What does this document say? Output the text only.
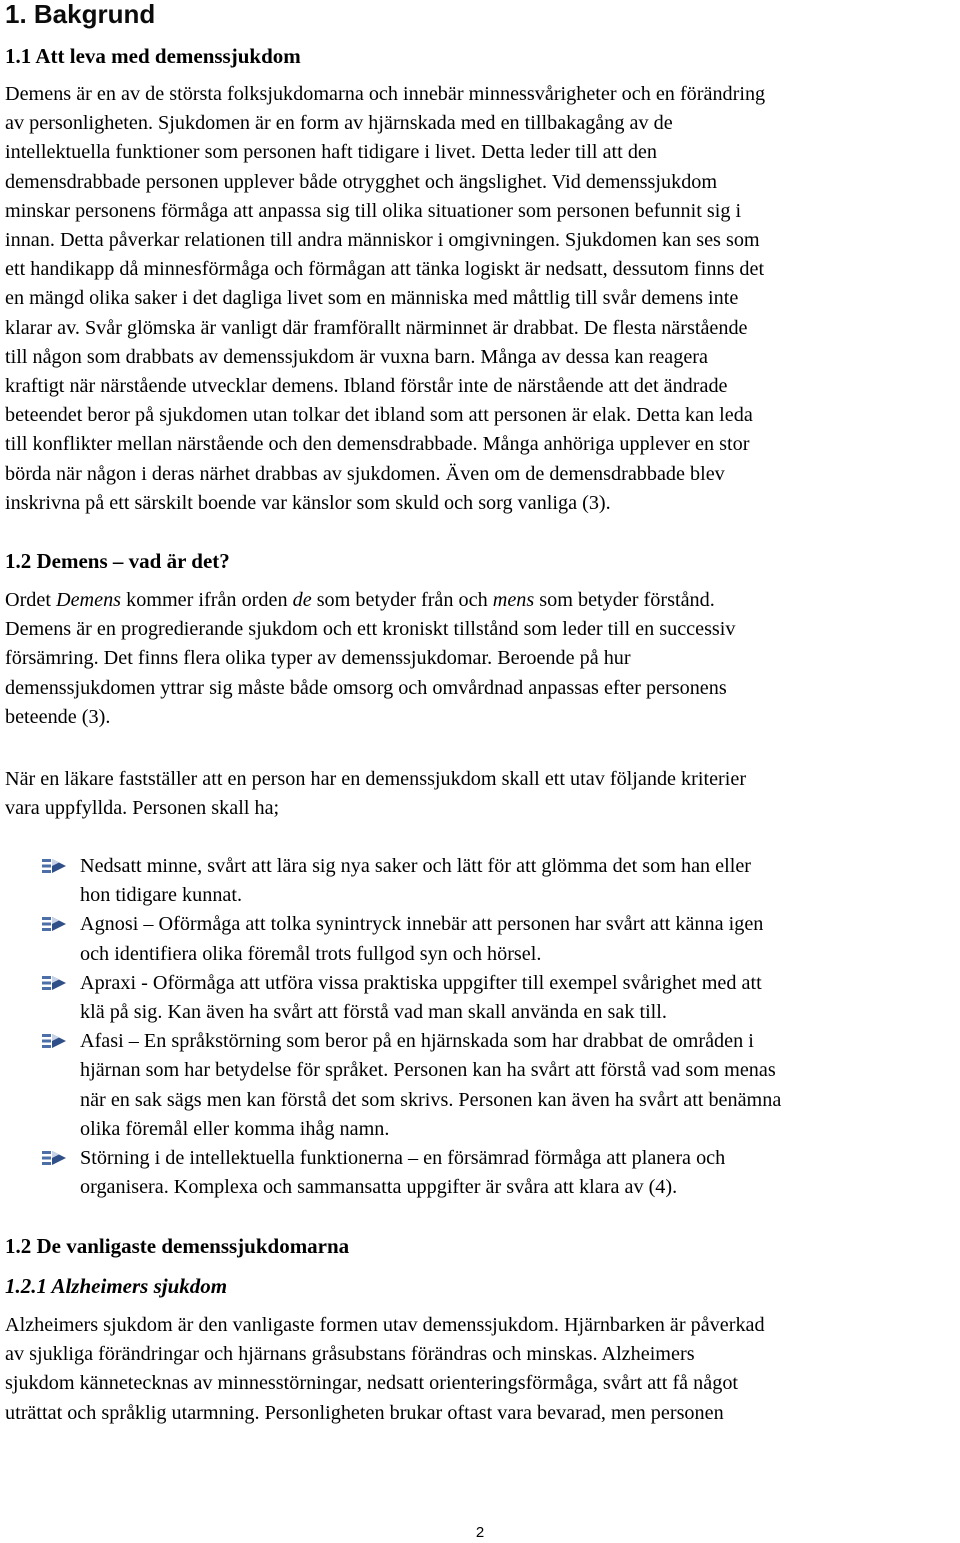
1. Bakgrund
1.1 Att leva med demenssjukdom

Demens är en av de största folksjukdomarna och innebär minnessvårigheter och en förändring
av personligheten. Sjukdomen är en form av hjärnskada med en tillbakagång av de
intellektuella funktioner som personen haft tidigare i livet. Detta leder till att den
demensdrabbade personen upplever både otrygghet och ängslighet. Vid demenssjukdom
minskar personens förmåga att anpassa sig till olika situationer som personen befunnit sig i
innan. Detta påverkar relationen till andra människor i omgivningen. Sjukdomen kan ses som
ett handikapp då minnesförmåga och förmågan att tänka logiskt är nedsatt, dessutom finns det
en mängd olika saker i det dagliga livet som en människa med måttlig till svår demens inte
klarar av. Svår glömska är vanligt där framförallt närminnet är drabbat. De flesta närstående
till någon som drabbats av demenssjukdom är vuxna barn. Många av dessa kan reagera
kraftigt när närstående utvecklar demens. Ibland förstår inte de närstående att det ändrade
beteendet beror på sjukdomen utan tolkar det ibland som att personen är elak. Detta kan leda
till konflikter mellan närstående och den demensdrabbade. Många anhöriga upplever en stor
börda när någon i deras närhet drabbas av sjukdomen. Även om de demensdrabbade blev
inskrivna på ett särskilt boende var känslor som skuld och sorg vanliga (3).

1.2 Demens – vad är det?

Ordet Demens kommer ifrån orden de som betyder från och mens som betyder förstånd.
Demens är en progredierande sjukdom och ett kroniskt tillstånd som leder till en successiv
försämring. Det finns flera olika typer av demenssjukdomar. Beroende på hur
demenssjukdomen yttrar sig måste både omsorg och omvårdnad anpassas efter personens
beteende (3).

När en läkare fastställer att en person har en demenssjukdom skall ett utav följande kriterier
vara uppfyllda. Personen skall ha;

Nedsatt minne, svårt att lära sig nya saker och lätt för att glömma det som han eller
hon tidigare kunnat.
Agnosi – Oförmåga att tolka synintryck innebär att personen har svårt att känna igen
och identifiera olika föremål trots fullgod syn och hörsel.
Apraxi - Oförmåga att utföra vissa praktiska uppgifter till exempel svårighet med att
klä på sig. Kan även ha svårt att förstå vad man skall använda en sak till.
Afasi – En språkstörning som beror på en hjärnskada som har drabbat de områden i
hjärnan som har betydelse för språket. Personen kan ha svårt att förstå vad som menas
när en sak sägs men kan förstå det som skrivs. Personen kan även ha svårt att benämna
olika föremål eller komma ihåg namn.
Störning i de intellektuella funktionerna – en försämrad förmåga att planera och
organisera. Komplexa och sammansatta uppgifter är svåra att klara av (4).
1.2 De vanligaste demenssjukdomarna
1.2.1 Alzheimers sjukdom

Alzheimers sjukdom är den vanligaste formen utav demenssjukdom. Hjärnbarken är påverkad
av sjukliga förändringar och hjärnans gråsubstans förändras och minskas. Alzheimers
sjukdom kännetecknas av minnesstörningar, nedsatt orienteringsförmåga, svårt att få något
uträttat och språklig utarmning. Personligheten brukar oftast vara bevarad, men personen

2
